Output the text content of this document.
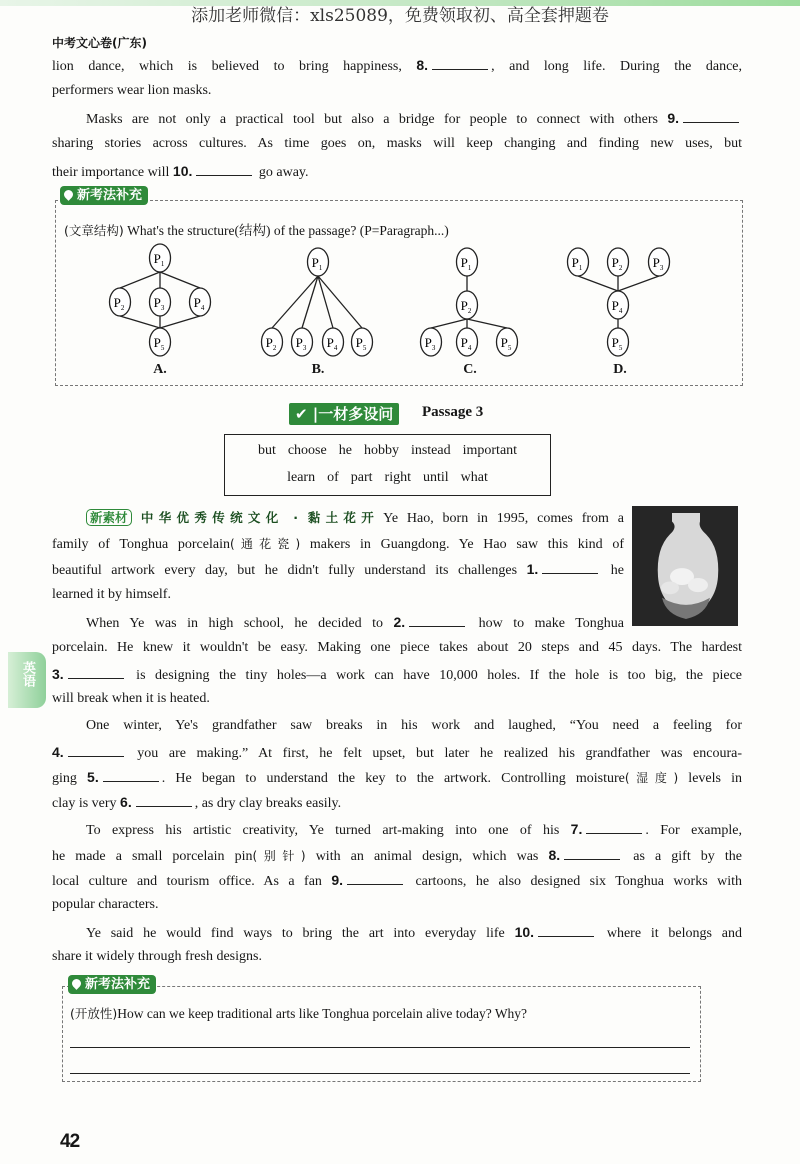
添加老师微信：xls25089，免费领取初、高全套押题卷
中考文心卷(广东)
lion dance, which is believed to bring happiness, 8.	, and long life. During the dance,
performers wear lion masks.
Masks are not only a practical tool but also a bridge for people to connect with others 9.
sharing stories across cultures. As time goes on, masks will keep changing and finding new uses, but
their importance will 10.	go away.
新考法补充
(文章结构) What's the structure(结构) of the passage? (P=Paragraph...)
$P_1$
$P_2$ $P_3$ $P_4$
$P_5$
$P_1$
$P_2$ $P_3$ $P_4$ $P_5$
$P_1$
$P_2$
$P_3$ $P_4$ $P_5$
$P_1$ $P_2$ $P_3$
$P_4$
$P_5$
A.	B.	C.	D.
✔ |一材多设问	Passage 3
but choose he hobby instead important
learn of part right until what
新素材 中华优秀传统文化 · 黏土花开 Ye Hao, born in 1995, comes from a
family of Tonghua porcelain(通花瓷) makers in Guangdong. Ye Hao saw this kind of
beautiful artwork every day, but he didn't fully understand its challenges 1.	he
learned it by himself.
When Ye was in high school, he decided to 2.	how to make Tonghua
porcelain. He knew it wouldn't be easy. Making one piece takes about 20 steps and 45 days. The hardest
3.	is designing the tiny holes—a work can have 10,000 holes. If the hole is too big, the piece
will break when it is heated.
One winter, Ye's grandfather saw breaks in his work and laughed, “You need a feeling for
4.	you are making.” At first, he felt upset, but later he realized his grandfather was encoura-
ging 5.	. He began to understand the key to the artwork. Controlling moisture(湿度) levels in
clay is very 6.	, as dry clay breaks easily.
To express his artistic creativity, Ye turned art-making into one of his 7.	. For example,
he made a small porcelain pin(别针) with an animal design, which was 8.	as a gift by the
local culture and tourism office. As a fan 9.	cartoons, he also designed six Tonghua works with
popular characters.
Ye said he would find ways to bring the art into everyday life 10.	where it belongs and
share it widely through fresh designs.
英语
新考法补充
(开放性)How can we keep traditional arts like Tonghua porcelain alive today? Why?
42
